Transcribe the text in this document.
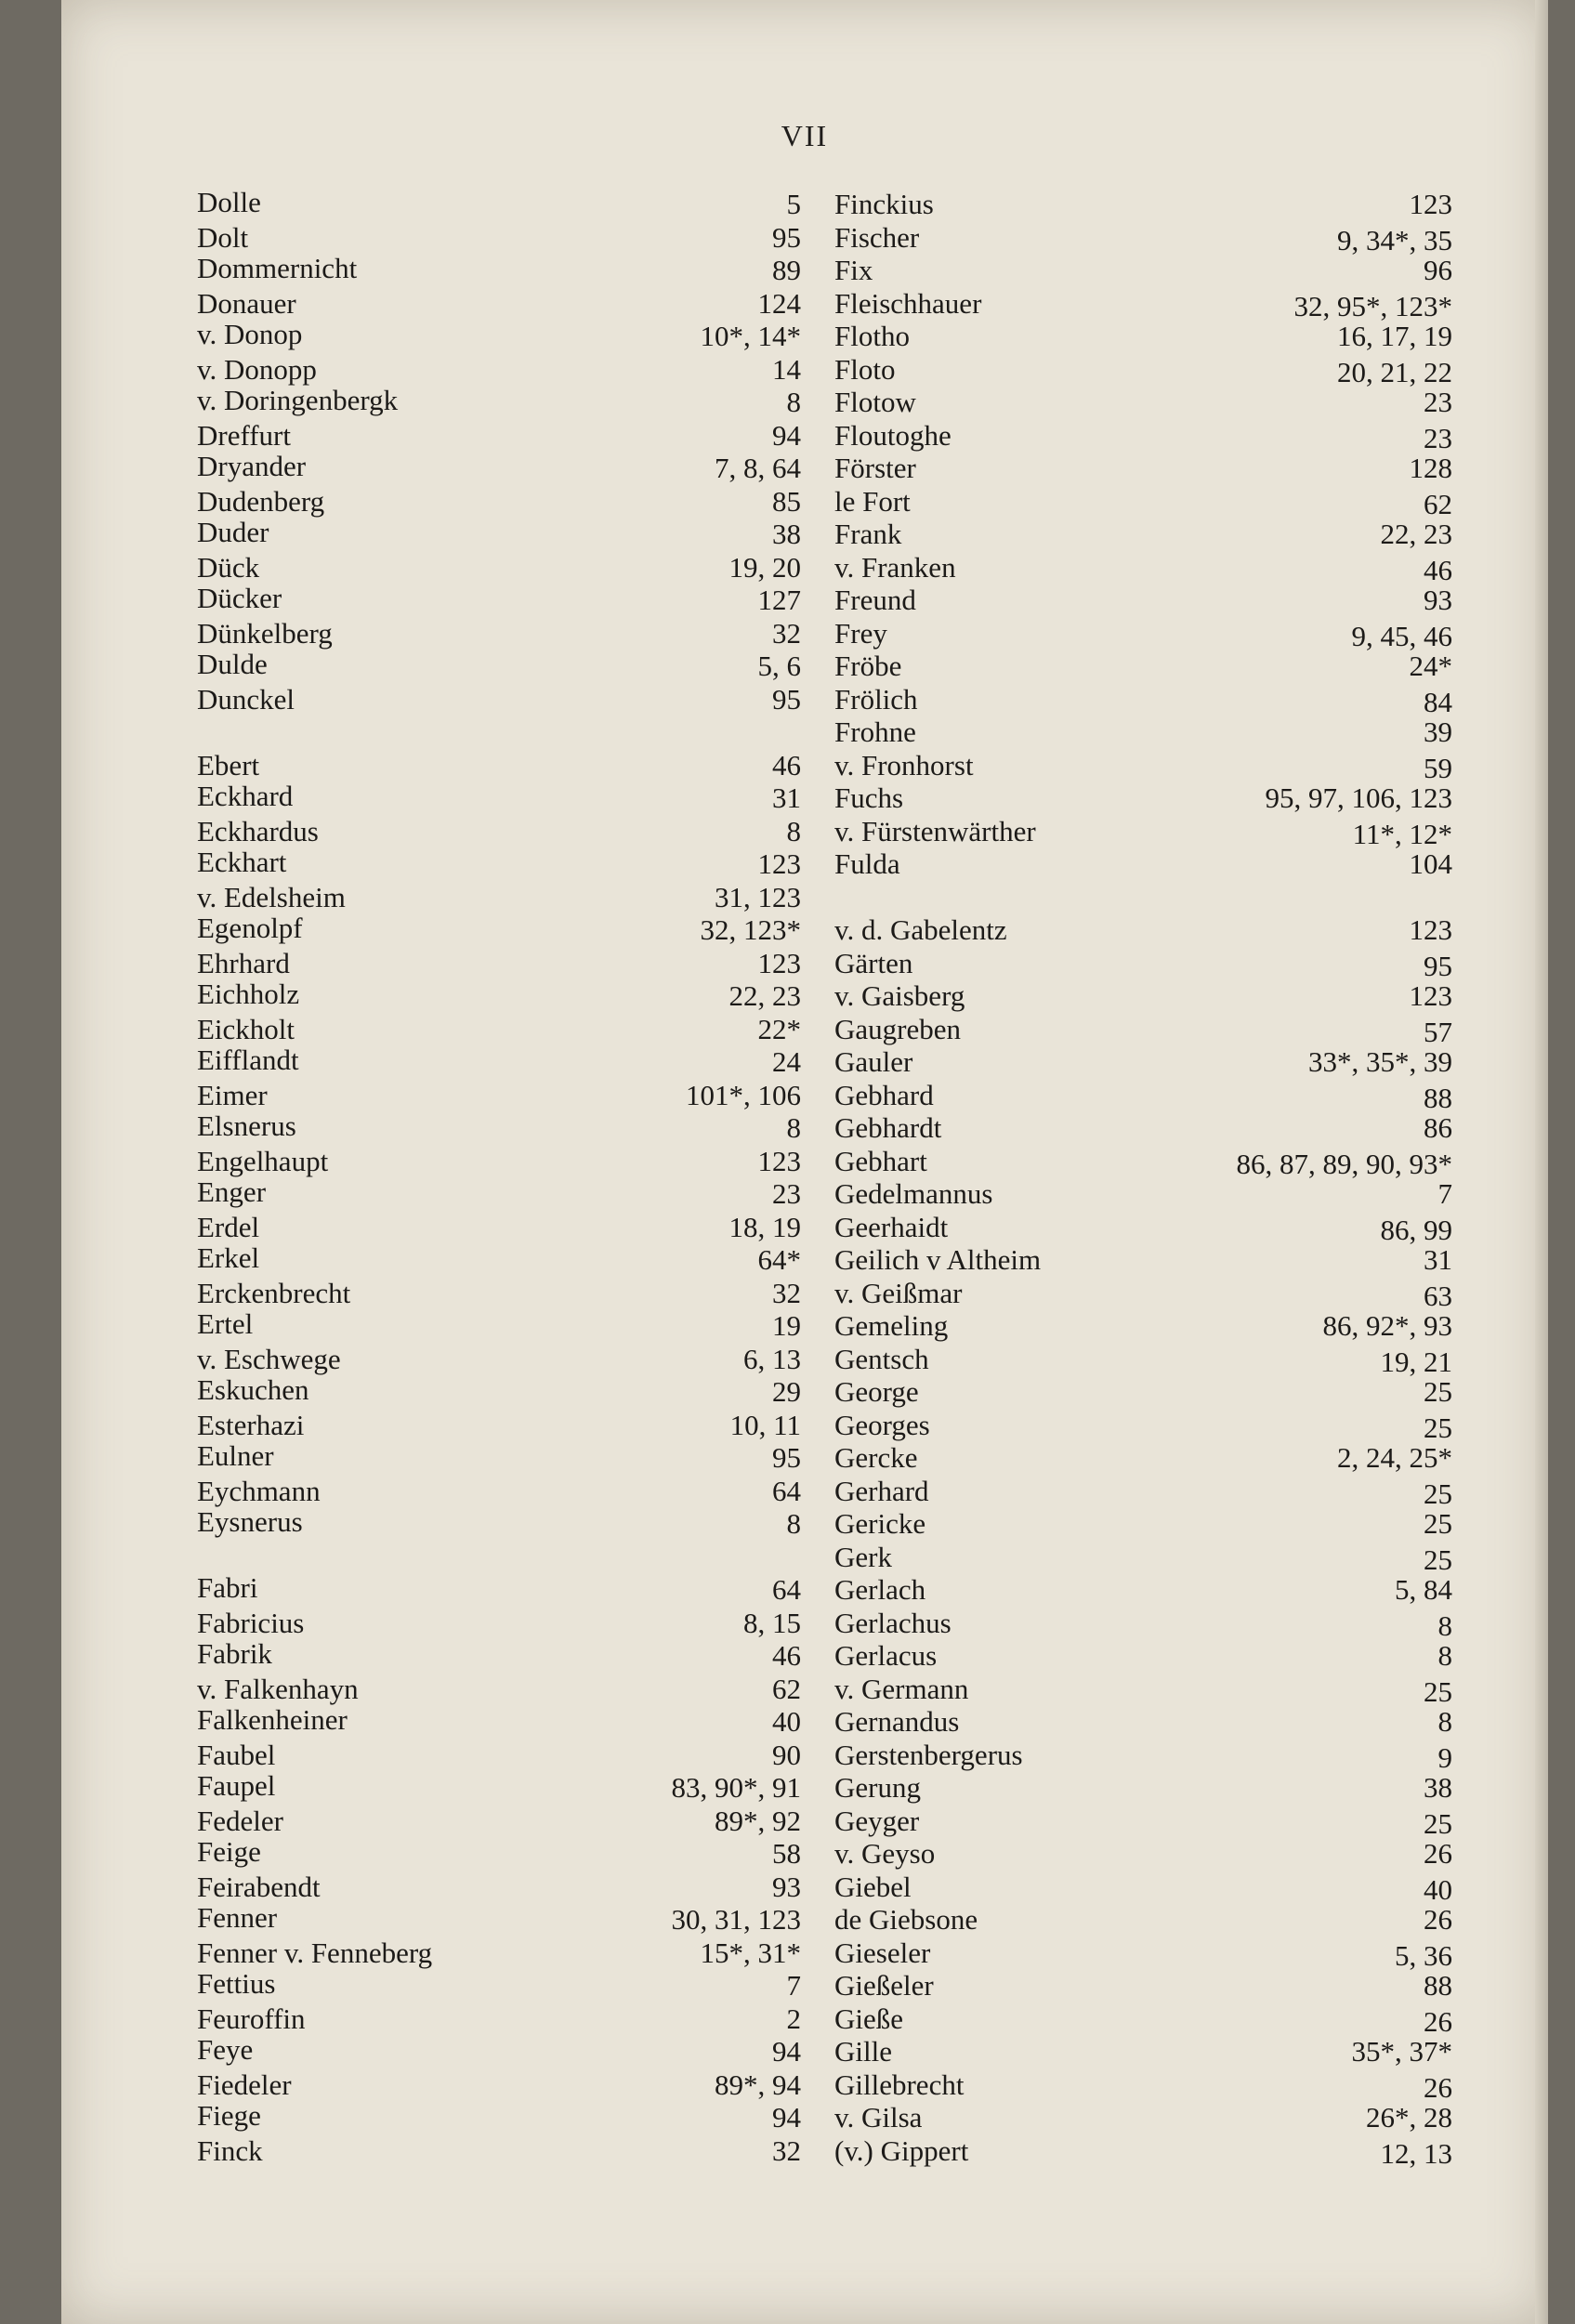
VII
Dolle	5
Dolt	95
Dommernicht	89
Donauer	124
v. Donop	10*, 14*
v. Donopp	14
v. Doringenbergk	8
Dreffurt	94
Dryander	7, 8, 64
Dudenberg	85
Duder	38
Dück	19, 20
Dücker	127
Dünkelberg	32
Dulde	5, 6
Dunckel	95
Ebert	46
Eckhard	31
Eckhardus	8
Eckhart	123
v. Edelsheim	31, 123
Egenolpf	32, 123*
Ehrhard	123
Eichholz	22, 23
Eickholt	22*
Eifflandt	24
Eimer	101*, 106
Elsnerus	8
Engelhaupt	123
Enger	23
Erdel	18, 19
Erkel	64*
Erckenbrecht	32
Ertel	19
v. Eschwege	6, 13
Eskuchen	29
Esterhazi	10, 11
Eulner	95
Eychmann	64
Eysnerus	8
Fabri	64
Fabricius	8, 15
Fabrik	46
v. Falkenhayn	62
Falkenheiner	40
Faubel	90
Faupel	83, 90*, 91
Fedeler	89*, 92
Feige	58
Feirabendt	93
Fenner	30, 31, 123
Fenner v. Fenneberg	15*, 31*
Fettius	7
Feuroffin	2
Feye	94
Fiedeler	89*, 94
Fiege	94
Finck	32
Finckius	123
Fischer	9, 34*, 35
Fix	96
Fleischhauer	32, 95*, 123*
Flotho	16, 17, 19
Floto	20, 21, 22
Flotow	23
Floutoghe	23
Förster	128
le Fort	62
Frank	22, 23
v. Franken	46
Freund	93
Frey	9, 45, 46
Fröbe	24*
Frölich	84
Frohne	39
v. Fronhorst	59
Fuchs	95, 97, 106, 123
v. Fürstenwärther	11*, 12*
Fulda	104
v. d. Gabelentz	123
Gärten	95
v. Gaisberg	123
Gaugreben	57
Gauler	33*, 35*, 39
Gebhard	88
Gebhardt	86
Gebhart	86, 87, 89, 90, 93*
Gedelmannus	7
Geerhaidt	86, 99
Geilich v Altheim	31
v. Geißmar	63
Gemeling	86, 92*, 93
Gentsch	19, 21
George	25
Georges	25
Gercke	2, 24, 25*
Gerhard	25
Gericke	25
Gerk	25
Gerlach	5, 84
Gerlachus	8
Gerlacus	8
v. Germann	25
Gernandus	8
Gerstenbergerus	9
Gerung	38
Geyger	25
v. Geyso	26
Giebel	40
de Giebsone	26
Gieseler	5, 36
Gießeler	88
Gieße	26
Gille	35*, 37*
Gillebrecht	26
v. Gilsa	26*, 28
(v.) Gippert	12, 13
